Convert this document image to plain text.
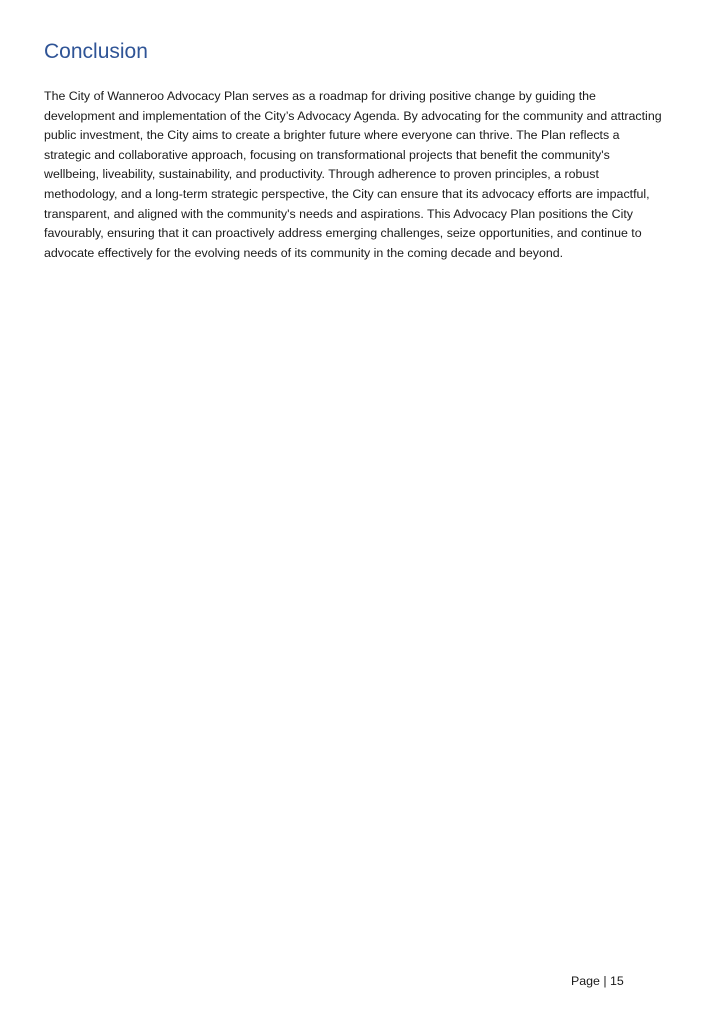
Conclusion

The City of Wanneroo Advocacy Plan serves as a roadmap for driving positive change by guiding the development and implementation of the City’s Advocacy Agenda. By advocating for the community and attracting public investment, the City aims to create a brighter future where everyone can thrive. The Plan reflects a strategic and collaborative approach, focusing on transformational projects that benefit the community's wellbeing, liveability, sustainability, and productivity. Through adherence to proven principles, a robust methodology, and a long-term strategic perspective, the City can ensure that its advocacy efforts are impactful, transparent, and aligned with the community's needs and aspirations. This Advocacy Plan positions the City favourably, ensuring that it can proactively address emerging challenges, seize opportunities, and continue to advocate effectively for the evolving needs of its community in the coming decade and beyond.

Page | 15
